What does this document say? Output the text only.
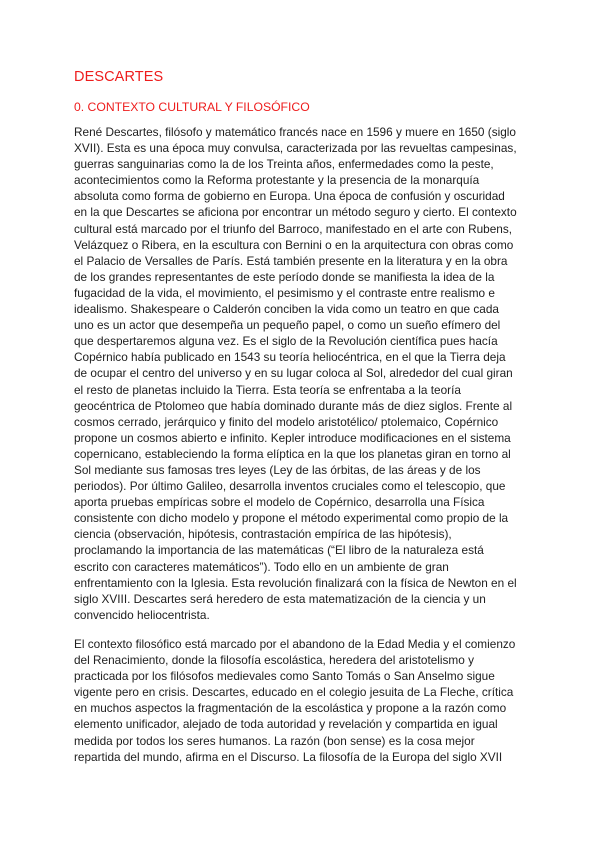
DESCARTES
0. CONTEXTO CULTURAL Y FILOSÓFICO
René Descartes, filósofo y matemático francés nace en 1596 y muere en 1650 (siglo
XVII). Esta es una época muy convulsa, caracterizada por las revueltas campesinas,
guerras sanguinarias como la de los Treinta años, enfermedades como la peste,
acontecimientos como la Reforma protestante y la presencia de la monarquía
absoluta como forma de gobierno en Europa. Una época de confusión y oscuridad
en la que Descartes se aficiona por encontrar un método seguro y cierto. El contexto
cultural está marcado por el triunfo del Barroco, manifestado en el arte con Rubens,
Velázquez o Ribera, en la escultura con Bernini o en la arquitectura con obras como
el Palacio de Versalles de París. Está también presente en la literatura y en la obra
de los grandes representantes de este período donde se manifiesta la idea de la
fugacidad de la vida, el movimiento, el pesimismo y el contraste entre realismo e
idealismo. Shakespeare o Calderón conciben la vida como un teatro en que cada
uno es un actor que desempeña un pequeño papel, o como un sueño efímero del
que despertaremos alguna vez. Es el siglo de la Revolución científica pues hacía
Copérnico había publicado en 1543 su teoría heliocéntrica, en el que la Tierra deja
de ocupar el centro del universo y en su lugar coloca al Sol, alrededor del cual giran
el resto de planetas incluido la Tierra. Esta teoría se enfrentaba a la teoría
geocéntrica de Ptolomeo que había dominado durante más de diez siglos. Frente al
cosmos cerrado, jerárquico y finito del modelo aristotélico/ ptolemaico, Copérnico
propone un cosmos abierto e infinito. Kepler introduce modificaciones en el sistema
copernicano, estableciendo la forma elíptica en la que los planetas giran en torno al
Sol mediante sus famosas tres leyes (Ley de las órbitas, de las áreas y de los
periodos). Por último Galileo, desarrolla inventos cruciales como el telescopio, que
aporta pruebas empíricas sobre el modelo de Copérnico, desarrolla una Física
consistente con dicho modelo y propone el método experimental como propio de la
ciencia (observación, hipótesis, contrastación empírica de las hipótesis),
proclamando la importancia de las matemáticas (“El libro de la naturaleza está
escrito con caracteres matemáticos”). Todo ello en un ambiente de gran
enfrentamiento con la Iglesia. Esta revolución finalizará con la física de Newton en el
siglo XVIII. Descartes será heredero de esta matematización de la ciencia y un
convencido heliocentrista.
El contexto filosófico está marcado por el abandono de la Edad Media y el comienzo
del Renacimiento, donde la filosofía escolástica, heredera del aristotelismo y
practicada por los filósofos medievales como Santo Tomás o San Anselmo sigue
vigente pero en crisis. Descartes, educado en el colegio jesuita de La Fleche, crítica
en muchos aspectos la fragmentación de la escolástica y propone a la razón como
elemento unificador, alejado de toda autoridad y revelación y compartida en igual
medida por todos los seres humanos. La razón (bon sense) es la cosa mejor
repartida del mundo, afirma en el Discurso. La filosofía de la Europa del siglo XVII
